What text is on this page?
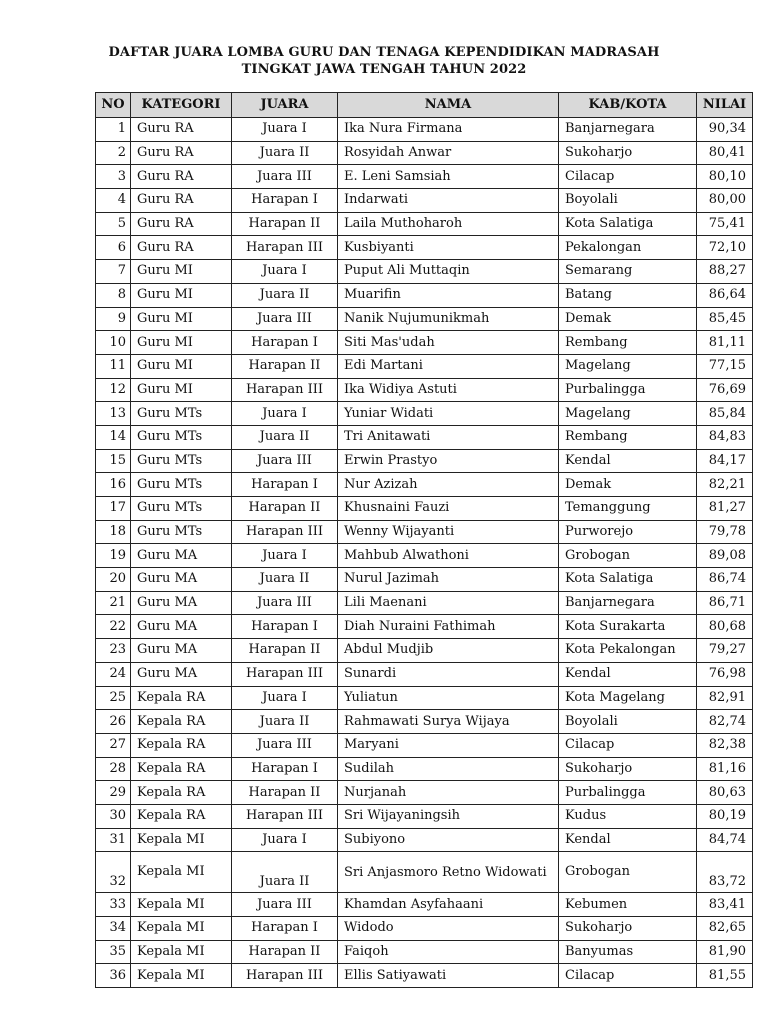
DAFTAR JUARA LOMBA GURU DAN TENAGA KEPENDIDIKAN MADRASAH
TINGKAT JAWA TENGAH TAHUN 2022
NO	KATEGORI	JUARA	NAMA	KAB/KOTA	NILAI
1	Guru RA	Juara I	Ika Nura Firmana	Banjarnegara	90,34
2	Guru RA	Juara II	Rosyidah Anwar	Sukoharjo	80,41
3	Guru RA	Juara III	E. Leni Samsiah	Cilacap	80,10
4	Guru RA	Harapan I	Indarwati	Boyolali	80,00
5	Guru RA	Harapan II	Laila Muthoharoh	Kota Salatiga	75,41
6	Guru RA	Harapan III	Kusbiyanti	Pekalongan	72,10
7	Guru MI	Juara I	Puput Ali Muttaqin	Semarang	88,27
8	Guru MI	Juara II	Muarifin	Batang	86,64
9	Guru MI	Juara III	Nanik Nujumunikmah	Demak	85,45
10	Guru MI	Harapan I	Siti Mas'udah	Rembang	81,11
11	Guru MI	Harapan II	Edi Martani	Magelang	77,15
12	Guru MI	Harapan III	Ika Widiya Astuti	Purbalingga	76,69
13	Guru MTs	Juara I	Yuniar Widati	Magelang	85,84
14	Guru MTs	Juara II	Tri Anitawati	Rembang	84,83
15	Guru MTs	Juara III	Erwin Prastyo	Kendal	84,17
16	Guru MTs	Harapan I	Nur Azizah	Demak	82,21
17	Guru MTs	Harapan II	Khusnaini Fauzi	Temanggung	81,27
18	Guru MTs	Harapan III	Wenny Wijayanti	Purworejo	79,78
19	Guru MA	Juara I	Mahbub Alwathoni	Grobogan	89,08
20	Guru MA	Juara II	Nurul Jazimah	Kota Salatiga	86,74
21	Guru MA	Juara III	Lili Maenani	Banjarnegara	86,71
22	Guru MA	Harapan I	Diah Nuraini Fathimah	Kota Surakarta	80,68
23	Guru MA	Harapan II	Abdul Mudjib	Kota Pekalongan	79,27
24	Guru MA	Harapan III	Sunardi	Kendal	76,98
25	Kepala RA	Juara I	Yuliatun	Kota Magelang	82,91
26	Kepala RA	Juara II	Rahmawati Surya Wijaya	Boyolali	82,74
27	Kepala RA	Juara III	Maryani	Cilacap	82,38
28	Kepala RA	Harapan I	Sudilah	Sukoharjo	81,16
29	Kepala RA	Harapan II	Nurjanah	Purbalingga	80,63
30	Kepala RA	Harapan III	Sri Wijayaningsih	Kudus	80,19
31	Kepala MI	Juara I	Subiyono	Kendal	84,74
32	Kepala MI	Juara II	Sri Anjasmoro Retno Widowati	Grobogan	83,72
33	Kepala MI	Juara III	Khamdan Asyfahaani	Kebumen	83,41
34	Kepala MI	Harapan I	Widodo	Sukoharjo	82,65
35	Kepala MI	Harapan II	Faiqoh	Banyumas	81,90
36	Kepala MI	Harapan III	Ellis Satiyawati	Cilacap	81,55
